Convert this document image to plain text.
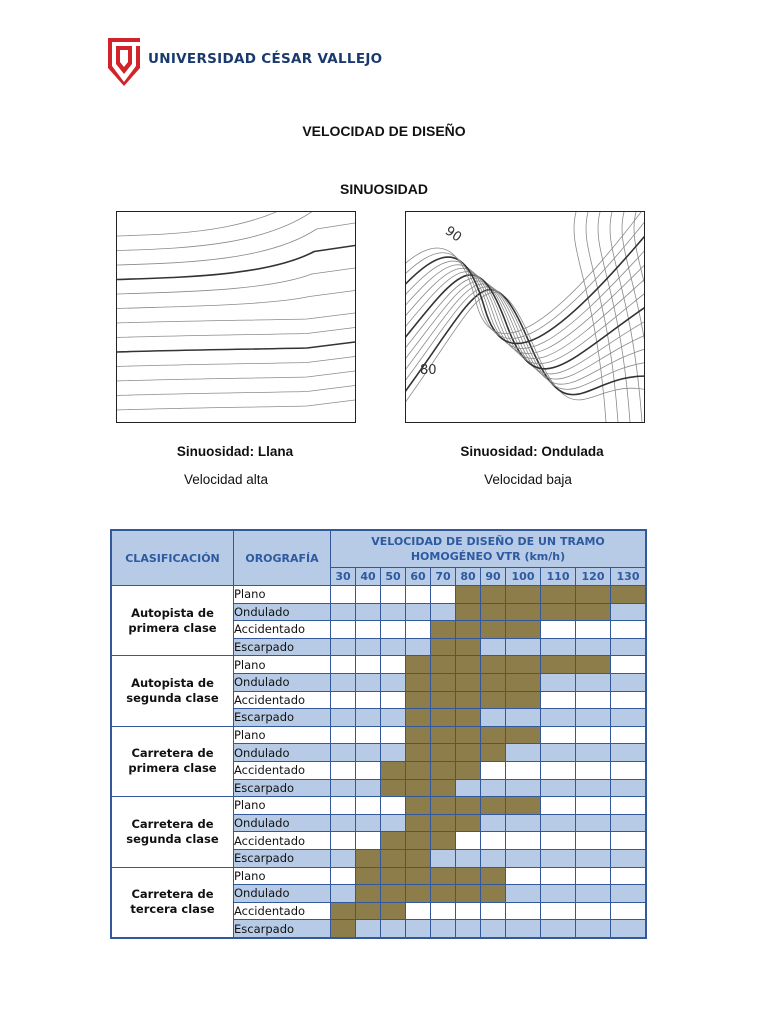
UNIVERSIDAD CÉSAR VALLEJO
VELOCIDAD DE DISEÑO
SINUOSIDAD
90
80
Sinuosidad: Llana
Velocidad alta
Sinuosidad: Ondulada
Velocidad baja
CLASIFICACIÓN	OROGRAFÍA	VELOCIDAD DE DISEÑO DE UN TRAMO
HOMOGÉNEO VTR (km/h)										

		30	40	50	60	70	80	90	100	110	120	130

Autopista de
primera clase	Plano											
	Ondulado											
	Accidentado											
	Escarpado											

Autopista de
segunda clase	Plano											
	Ondulado											
	Accidentado											
	Escarpado											

Carretera de
primera clase	Plano											
	Ondulado											
	Accidentado											
	Escarpado											

Carretera de
segunda clase	Plano											
	Ondulado											
	Accidentado											
	Escarpado											

Carretera de
tercera clase	Plano											
	Ondulado											
	Accidentado											
	Escarpado											
